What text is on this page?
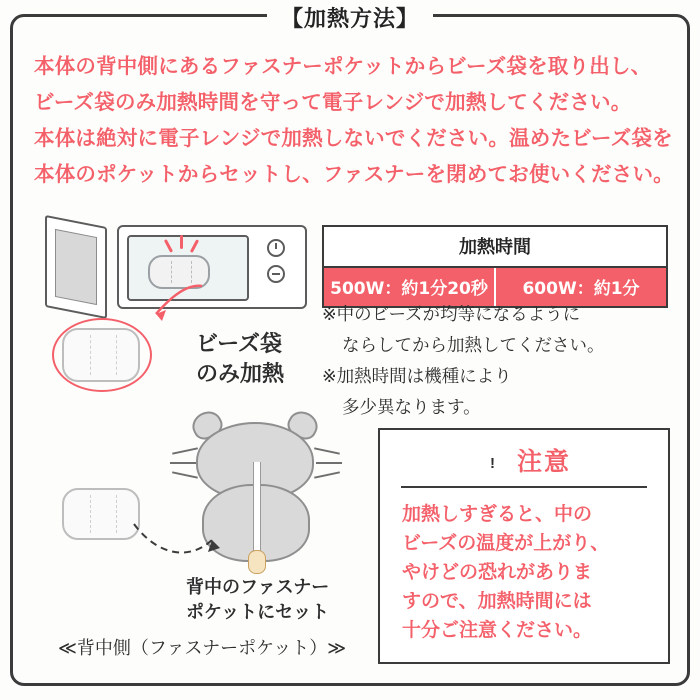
【加熱方法】
本体の背中側にあるファスナーポケットからビーズ袋を取り出し、
ビーズ袋のみ加熱時間を守って電子レンジで加熱してください。
本体は絶対に電子レンジで加熱しないでください。温めたビーズ袋を
本体のポケットからセットし、ファスナーを閉めてお使いください。
ビーズ袋
のみ加熱
加熱時間
500W：約1分20秒	600W：約1分
※中のビーズが均等になるように
ならしてから加熱してください。
※加熱時間は機種により
多少異なります。
! 注意
加熱しすぎると、中の
ビーズの温度が上がり、
やけどの恐れがありま
すので、加熱時間には
十分ご注意ください。
背中のファスナー
ポケットにセット
≪背中側（ファスナーポケット）≫
